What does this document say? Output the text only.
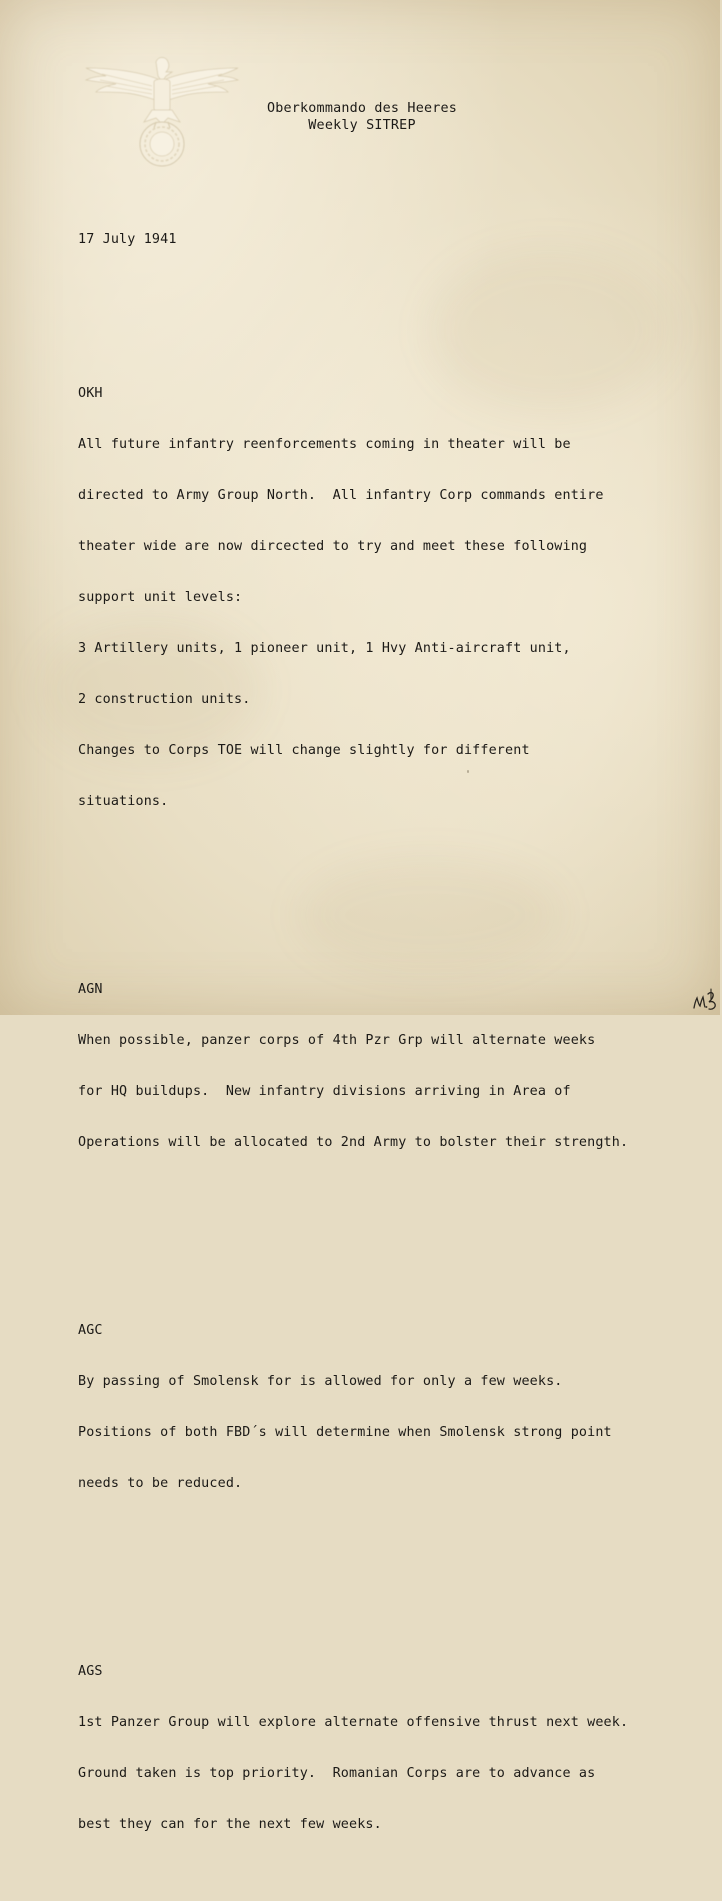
Oberkommando des Heeres
Weekly SITREP

17 July 1941

OKH

All future infantry reenforcements coming in theater will be

directed to Army Group North.  All infantry Corp commands entire

theater wide are now dircected to try and meet these following

support unit levels:

3 Artillery units, 1 pioneer unit, 1 Hvy Anti-aircraft unit,

2 construction units.

Changes to Corps TOE will change slightly for different

situations.

AGN

When possible, panzer corps of 4th Pzr Grp will alternate weeks

for HQ buildups.  New infantry divisions arriving in Area of

Operations will be allocated to 2nd Army to bolster their strength.

AGC

By passing of Smolensk for is allowed for only a few weeks.

Positions of both FBD´s will determine when Smolensk strong point

needs to be reduced.

AGS

1st Panzer Group will explore alternate offensive thrust next week.

Ground taken is top priority.  Romanian Corps are to advance as

best they can for the next few weeks.
